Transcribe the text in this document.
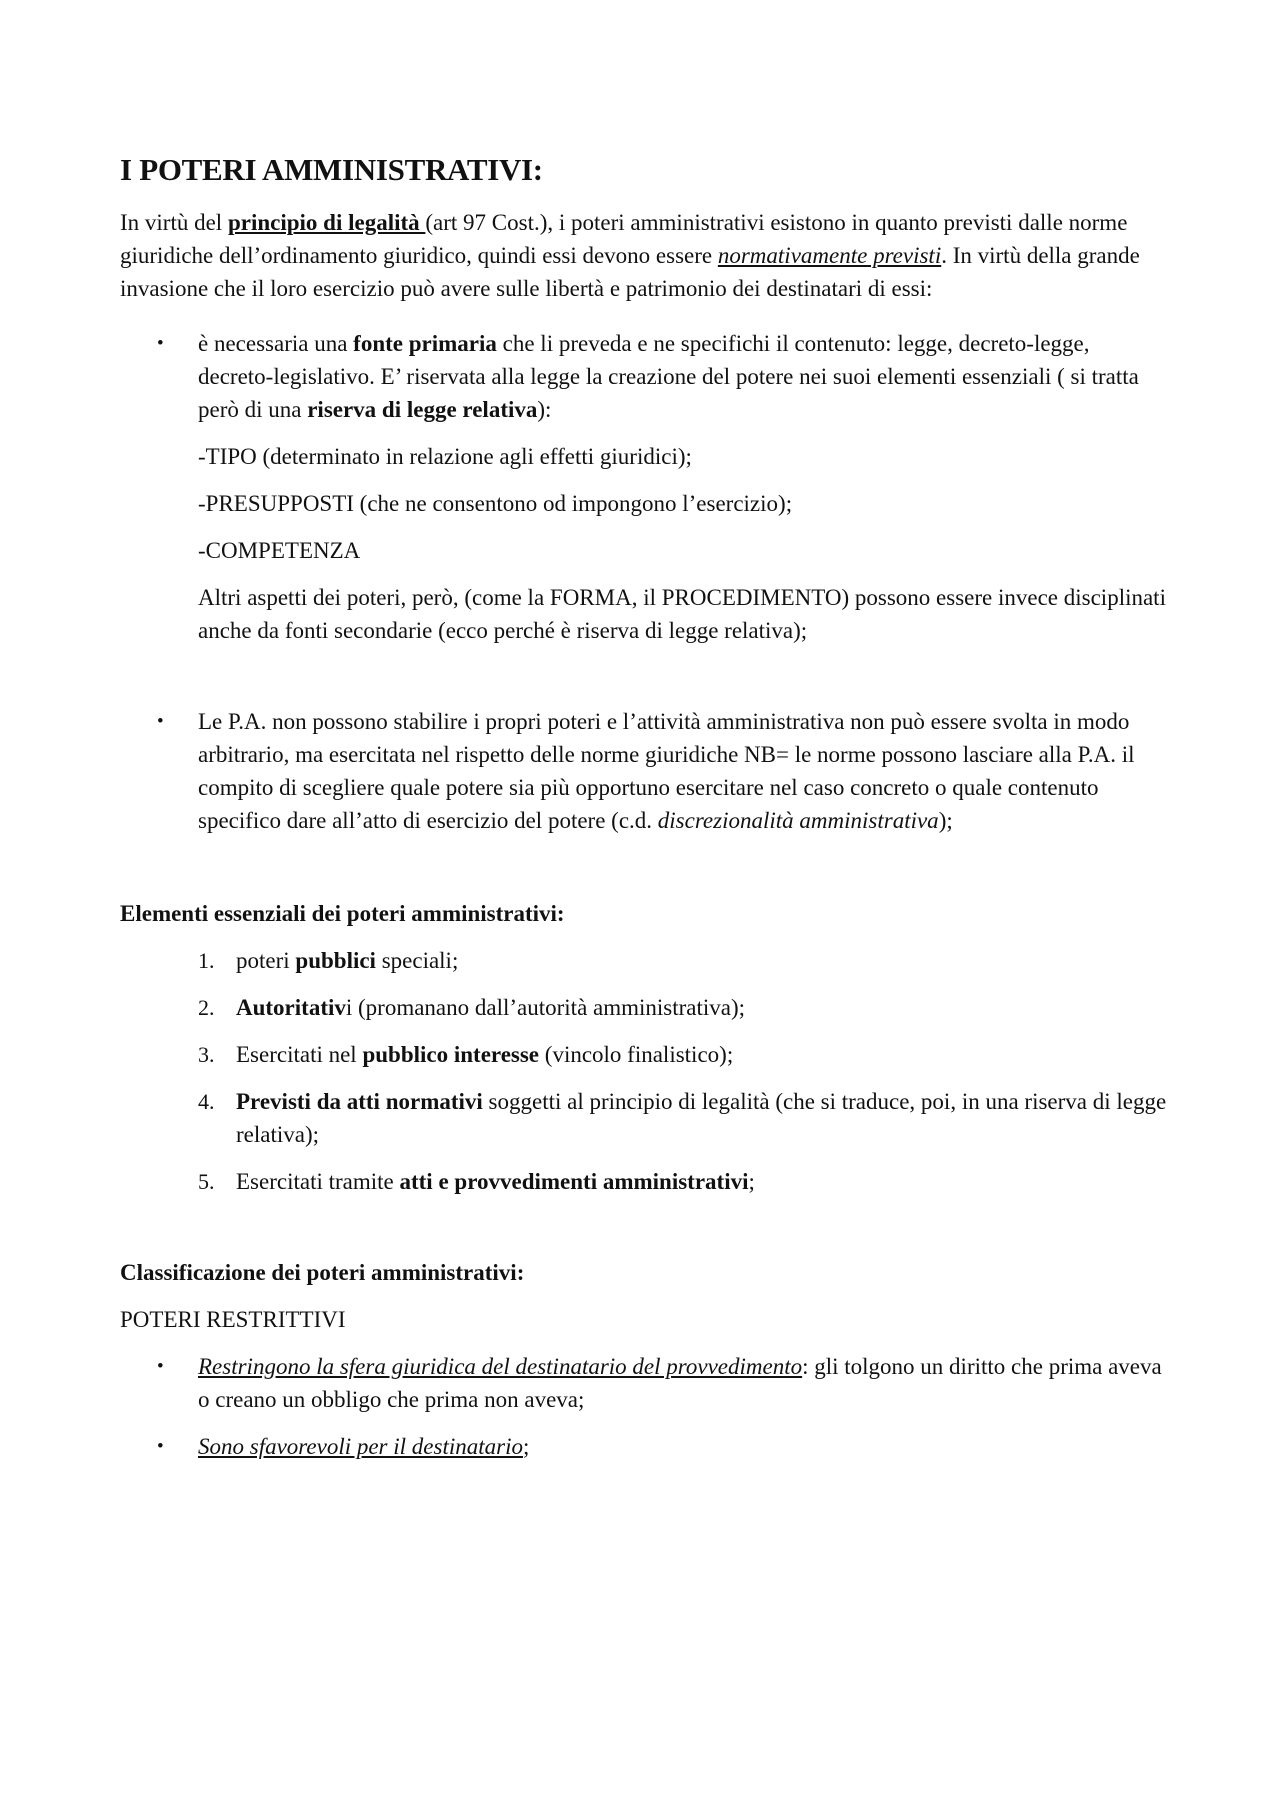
I POTERI AMMINISTRATIVI:

In virtù del principio di legalità (art 97 Cost.), i poteri amministrativi esistono in quanto previsti dalle norme giuridiche dell’ordinamento giuridico, quindi essi devono essere normativamente previsti. In virtù della grande invasione che il loro esercizio può avere sulle libertà e patrimonio dei destinatari di essi:

• è necessaria una fonte primaria che li preveda e ne specifichi il contenuto: legge, decreto-legge, decreto-legislativo. E’ riservata alla legge la creazione del potere nei suoi elementi essenziali ( si tratta però di una riserva di legge relativa):

-TIPO (determinato in relazione agli effetti giuridici);

-PRESUPPOSTI (che ne consentono od impongono l’esercizio);

-COMPETENZA

Altri aspetti dei poteri, però, (come la FORMA, il PROCEDIMENTO) possono essere invece disciplinati anche da fonti secondarie (ecco perché è riserva di legge relativa);

• Le P.A. non possono stabilire i propri poteri e l’attività amministrativa non può essere svolta in modo arbitrario, ma esercitata nel rispetto delle norme giuridiche NB= le norme possono lasciare alla P.A. il compito di scegliere quale potere sia più opportuno esercitare nel caso concreto o quale contenuto specifico dare all’atto di esercizio del potere (c.d. discrezionalità amministrativa);

Elementi essenziali dei poteri amministrativi:

1. poteri pubblici speciali;
2. Autoritativi (promanano dall’autorità amministrativa);
3. Esercitati nel pubblico interesse (vincolo finalistico);
4. Previsti da atti normativi soggetti al principio di legalità (che si traduce, poi, in una riserva di legge relativa);
5. Esercitati tramite atti e provvedimenti amministrativi;

Classificazione dei poteri amministrativi:

POTERI RESTRITTIVI

• Restringono la sfera giuridica del destinatario del provvedimento: gli tolgono un diritto che prima aveva o creano un obbligo che prima non aveva;
• Sono sfavorevoli per il destinatario;
